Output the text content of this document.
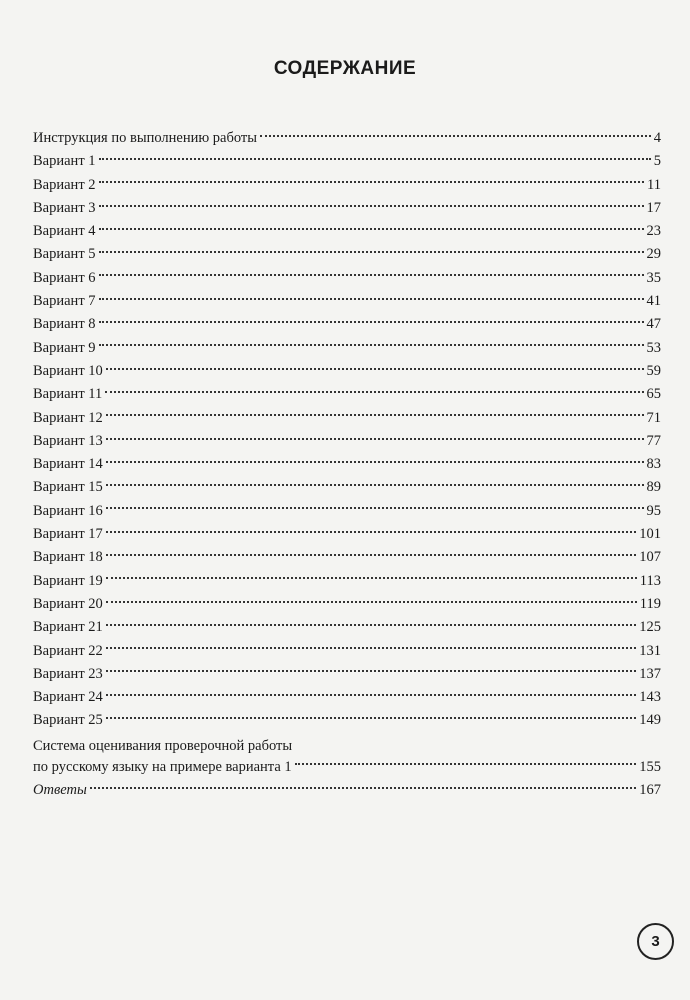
СОДЕРЖАНИЕ
Инструкция по выполнению работы	4
Вариант 1	5
Вариант 2	11
Вариант 3	17
Вариант 4	23
Вариант 5	29
Вариант 6	35
Вариант 7	41
Вариант 8	47
Вариант 9	53
Вариант 10	59
Вариант 11	65
Вариант 12	71
Вариант 13	77
Вариант 14	83
Вариант 15	89
Вариант 16	95
Вариант 17	101
Вариант 18	107
Вариант 19	113
Вариант 20	119
Вариант 21	125
Вариант 22	131
Вариант 23	137
Вариант 24	143
Вариант 25	149
Система оценивания проверочной работы
по русскому языку на примере варианта 1	155
Ответы	167
3
